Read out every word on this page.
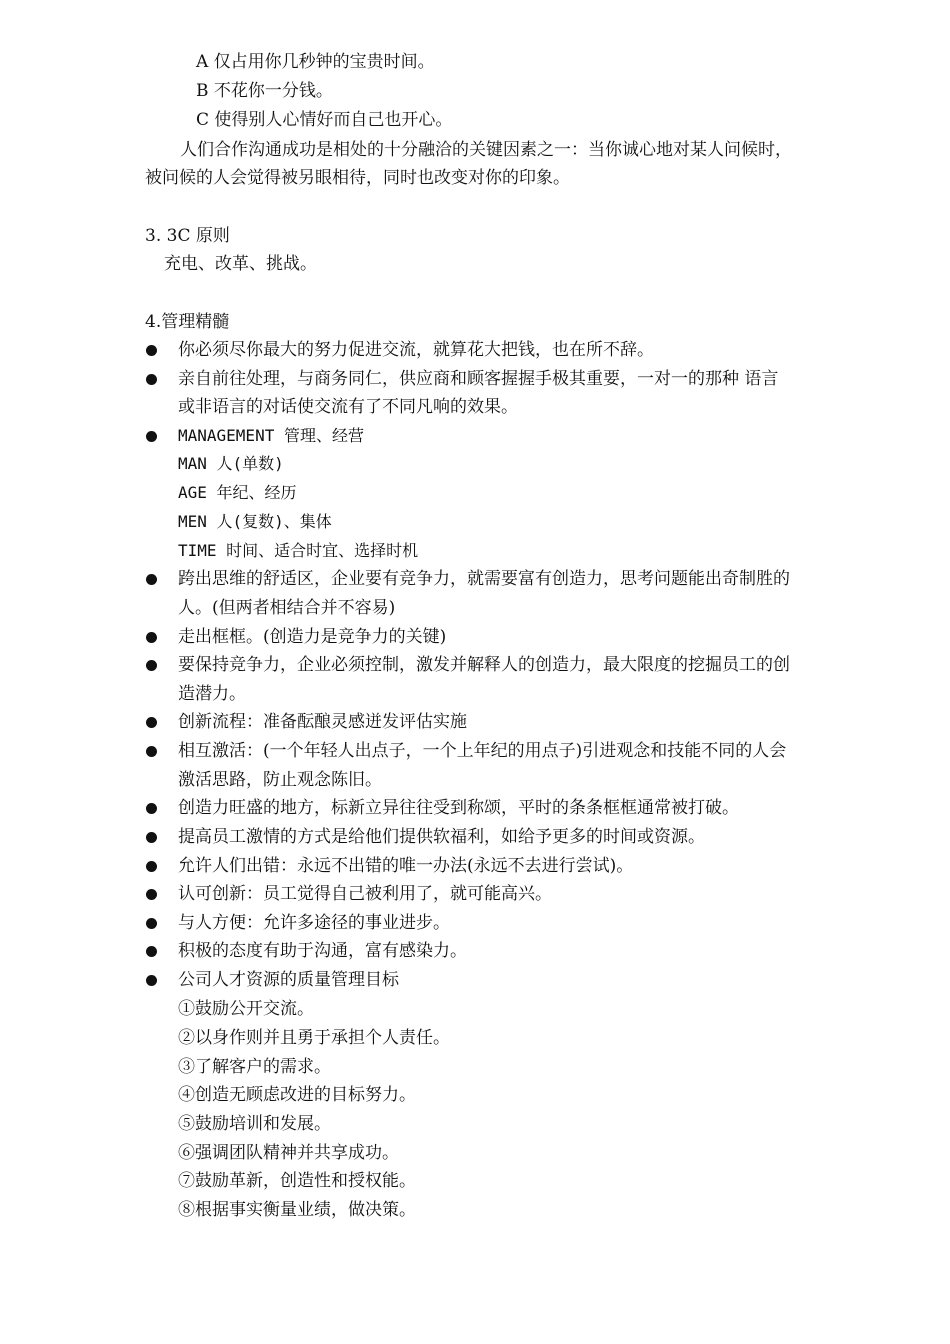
A 仅占用你几秒钟的宝贵时间。
B 不花你一分钱。
C 使得别人心情好而自己也开心。
人们合作沟通成功是相处的十分融洽的关键因素之一：当你诚心地对某人问候时，
被问候的人会觉得被另眼相待，同时也改变对你的印象。
3. 3C 原则
充电、改革、挑战。
4.管理精髓
你必须尽你最大的努力促进交流，就算花大把钱，也在所不辞。
亲自前往处理，与商务同仁，供应商和顾客握握手极其重要，一对一的那种 语言
或非语言的对话使交流有了不同凡响的效果。
MANAGEMENT 管理、经营
MAN 人(单数)
AGE 年纪、经历
MEN 人(复数)、集体
TIME 时间、适合时宜、选择时机
跨出思维的舒适区，企业要有竞争力，就需要富有创造力，思考问题能出奇制胜的
人。(但两者相结合并不容易)
走出框框。(创造力是竞争力的关键)
要保持竞争力，企业必须控制，激发并解释人的创造力，最大限度的挖掘员工的创
造潜力。
创新流程：准备酝酿灵感迸发评估实施
相互激活：(一个年轻人出点子，一个上年纪的用点子)引进观念和技能不同的人会
激活思路，防止观念陈旧。
创造力旺盛的地方，标新立异往往受到称颂，平时的条条框框通常被打破。
提高员工激情的方式是给他们提供软福利，如给予更多的时间或资源。
允许人们出错：永远不出错的唯一办法(永远不去进行尝试)。
认可创新：员工觉得自己被利用了，就可能高兴。
与人方便：允许多途径的事业进步。
积极的态度有助于沟通，富有感染力。
公司人才资源的质量管理目标
①鼓励公开交流。
②以身作则并且勇于承担个人责任。
③了解客户的需求。
④创造无顾虑改进的目标努力。
⑤鼓励培训和发展。
⑥强调团队精神并共享成功。
⑦鼓励革新，创造性和授权能。
⑧根据事实衡量业绩，做决策。
